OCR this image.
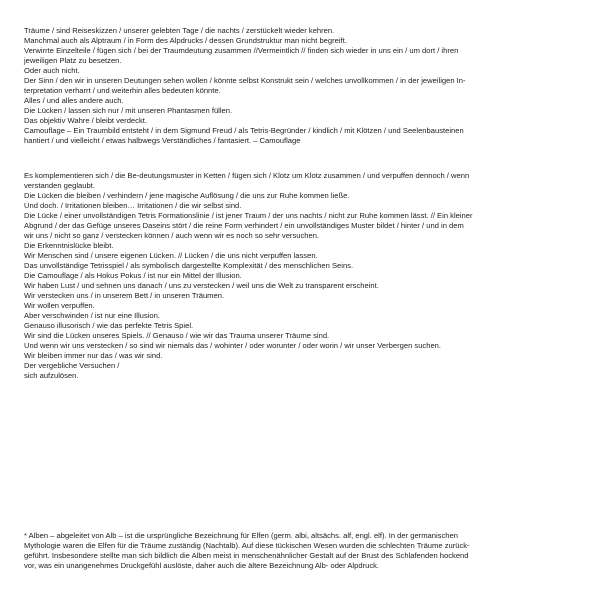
Träume / sind Reiseskizzen / unserer gelebten Tage / die nachts / zerstückelt wieder kehren.
Manchmal auch als Alptraum / in Form des Alpdrucks / dessen Grundstruktur man nicht begreift.
Verwirrte Einzelteile / fügen sich / bei der Traumdeutung zusammen //Vermeintlich // finden sich wieder in uns ein / um dort / ihren
jeweiligen Platz zu besetzen.
Oder auch nicht.
Der Sinn / den wir in unseren Deutungen sehen wollen / könnte selbst Konstrukt sein / welches unvollkommen / in der jeweiligen In-
terpretation verharrt / und weiterhin alles bedeuten könnte.
Alles / und alles andere auch.
Die Lücken / lassen sich nur / mit unseren Phantasmen füllen.
Das objektiv Wahre / bleibt verdeckt.
Camouflage – Ein Traumbild entsteht / in dem Sigmund Freud / als Tetris-Begründer / kindlich / mit Klötzen / und Seelenbausteinen
hantiert / und vielleicht / etwas halbwegs Verständliches / fantasiert. – Camouflage
Es komplementieren sich / die Be-deutungsmuster in Ketten / fügen sich / Klotz um Klotz zusammen / und verpuffen dennoch / wenn
verstanden geglaubt.
Die Lücken die bleiben / verhindern / jene magische Auflösung / die uns zur Ruhe kommen ließe.
Und doch. / Irritationen bleiben… Irritationen / die wir selbst sind.
Die Lücke / einer unvollständigen Tetris Formationslinie / ist jener Traum / der uns nachts / nicht zur Ruhe kommen lässt. // Ein kleiner
Abgrund / der das Gefüge unseres Daseins stört / die reine Form verhindert / ein unvollständiges Muster bildet / hinter / und in dem
wir uns / nicht so ganz / verstecken können / auch wenn wir es noch so sehr versuchen.
Die Erkenntnislücke bleibt.
Wir Menschen sind / unsere eigenen Lücken. // Lücken / die uns nicht verpuffen lassen.
Das unvollständige Tetrisspiel / als symbolisch dargestellte Komplexität / des menschlichen Seins.
Die Camouflage / als Hokus Pokus / ist nur ein Mittel der Illusion.
Wir haben Lust / und sehnen uns danach / uns zu verstecken / weil uns die Welt zu transparent erscheint.
Wir verstecken uns / in unserem Bett / in unseren Träumen.
Wir wollen verpuffen.
Aber verschwinden / ist nur eine Illusion.
Genauso illusorisch / wie das perfekte Tetris Spiel.
Wir sind die Lücken unseres Spiels. // Genauso / wie wir das Trauma unserer Träume sind.
Und wenn wir uns verstecken / so sind wir niemals das / wohinter / oder worunter / oder worin / wir unser Verbergen suchen.
Wir bleiben immer nur das / was wir sind.
Der vergebliche Versuchen /
sich aufzulösen.
* Alben – abgeleitet von Alb – ist die ursprüngliche Bezeichnung für Elfen (germ. albi, altsächs. alf, engl. elf). In der germanischen
Mythologie waren die Elfen für die Träume zuständig (Nachtalb). Auf diese tückischen Wesen wurden die schlechten Träume zurück-
geführt. Insbesondere stellte man sich bildlich die Alben meist in menschenähnlicher Gestalt auf der Brust des Schlafenden hockend
vor, was ein unangenehmes Druckgefühl auslöste, daher auch die ältere Bezeichnung Alb- oder Alpdruck.
